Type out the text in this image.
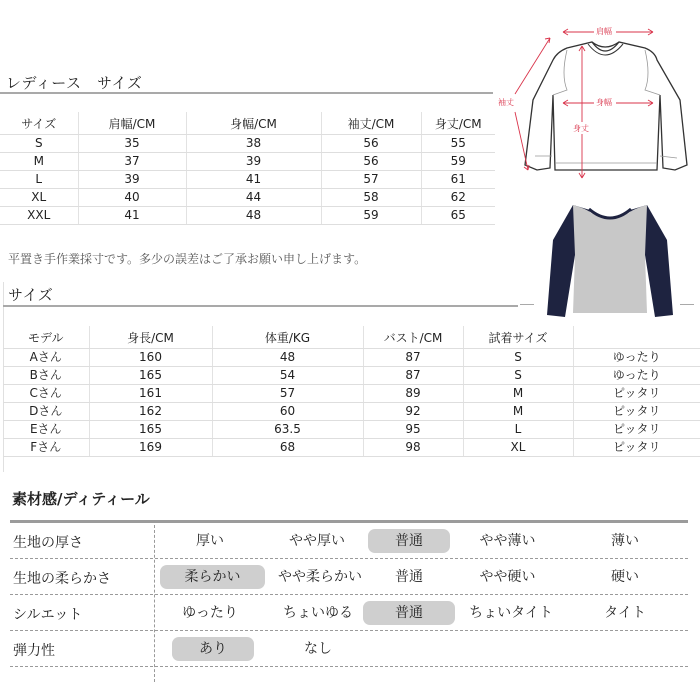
レディース　サイズ
サイズ	肩幅/CM	身幅/CM	袖丈/CM	身丈/CM
S	35	38	56	55
M	37	39	56	59
L	39	41	57	61
XL	40	44	58	62
XXL	41	48	59	65
平置き手作業採寸です。多少の誤差はご了承お願い申し上げます。
肩幅
身幅
身丈
袖丈
サイズ
モデル	身長/CM	体重/KG	バスト/CM	試着サイズ	
Aさん	160	48	87	S	ゆったり
Bさん	165	54	87	S	ゆったり
Cさん	161	57	89	M	ピッタリ
Dさん	162	60	92	M	ピッタリ
Eさん	165	63.5	95	L	ピッタリ
Fさん	169	68	98	XL	ピッタリ
素材感/ディティール
生地の厚さ	厚い	やや厚い	普通	やや薄い	薄い
生地の柔らかさ	柔らかい	やや柔らかい	普通	やや硬い	硬い
シルエット	ゆったり	ちょいゆる	普通	ちょいタイト	タイト
弾力性	あり	なし
